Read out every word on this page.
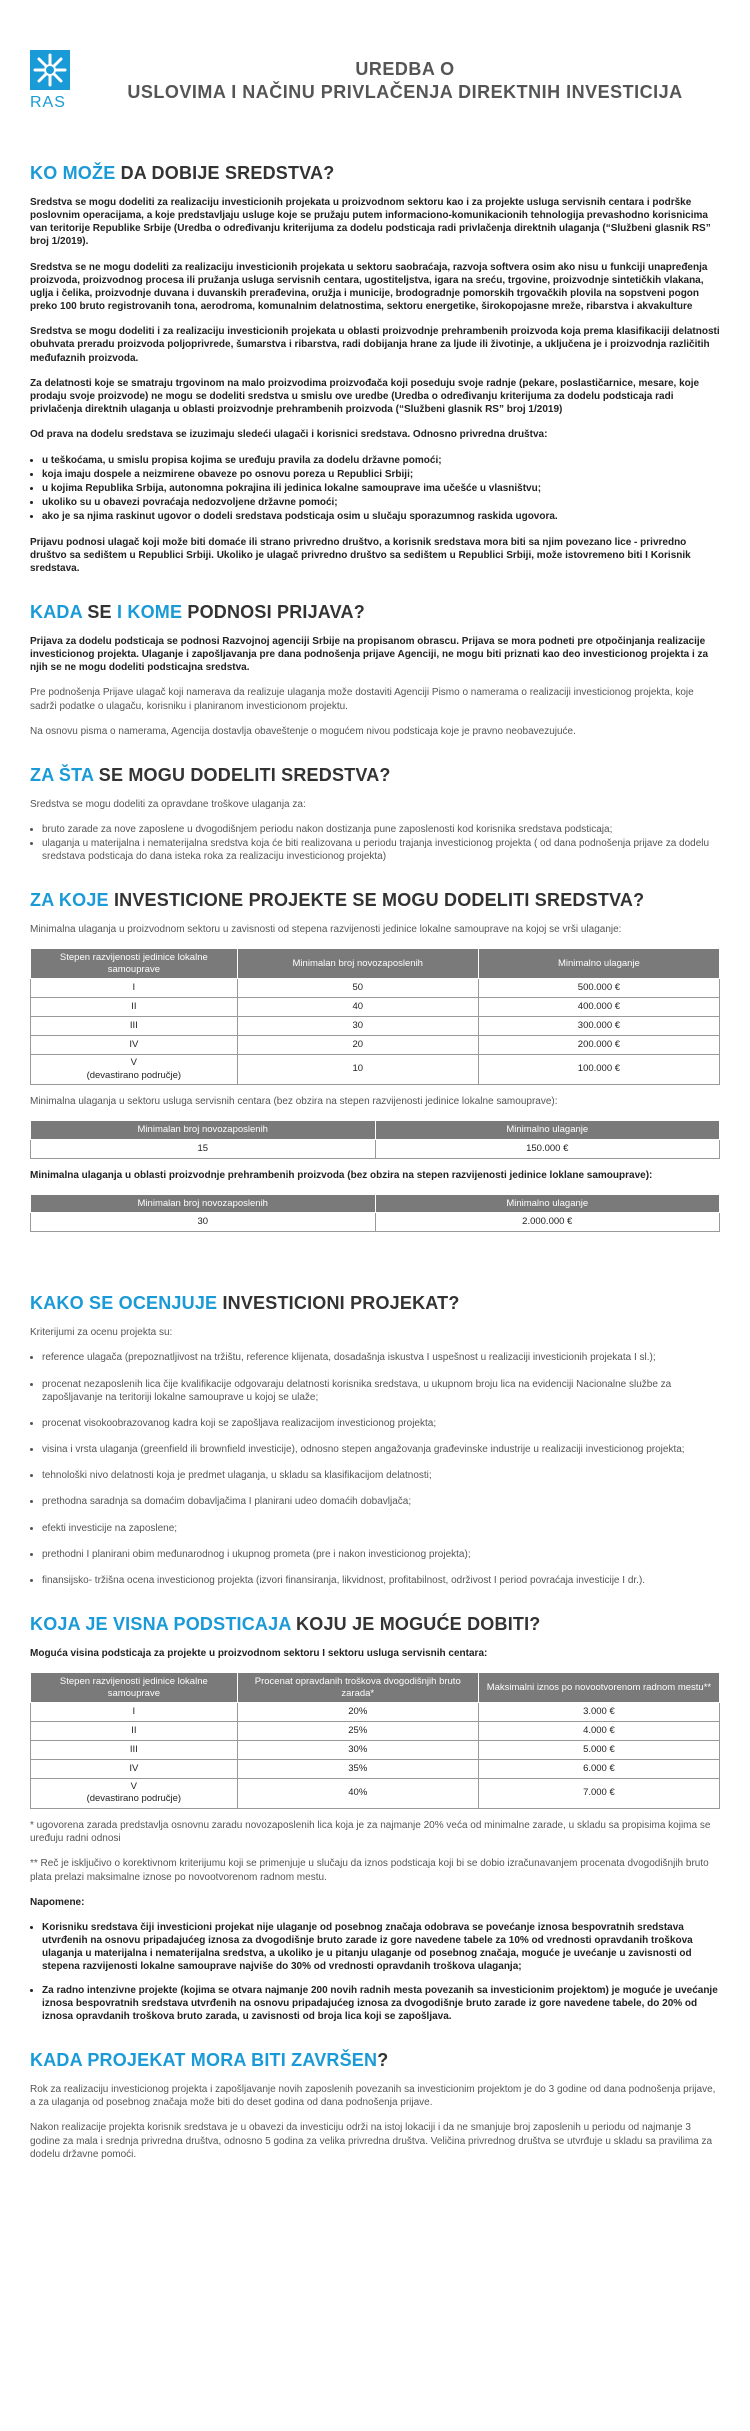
RAS
UREDBA O
USLOVIMA I NAČINU PRIVLAČENJA DIREKTNIH INVESTICIJA
KO MOŽE DA DOBIJE SREDSTVA?

Sredstva se mogu dodeliti za realizaciju investicionih projekata u proizvodnom sektoru kao i za projekte usluga servisnih centara i podrške poslovnim operacijama, a koje predstavljaju usluge koje se pružaju putem informaciono-komunikacionih tehnologija prevashodno korisnicima van teritorije Republike Srbije (Uredba o određivanju kriterijuma za dodelu podsticaja radi privlačenja direktnih ulaganja (“Službeni glasnik RS” broj 1/2019).

Sredstva se ne mogu dodeliti za realizaciju investicionih projekata u sektoru saobraćaja, razvoja softvera osim ako nisu u funkciji unapređenja proizvoda, proizvodnog procesa ili pružanja usluga servisnih centara, ugostiteljstva, igara na sreću, trgovine, proizvodnje sintetičkih vlakana, uglja i čelika, proizvodnje duvana i duvanskih prerađevina, oružja i municije, brodogradnje pomorskih trgovačkih plovila na sopstveni pogon preko 100 bruto registrovanih tona, aerodroma, komunalnim delatnostima, sektoru energetike, širokopojasne mreže, ribarstva i akvakulture

Sredstva se mogu dodeliti i za realizaciju investicionih projekata u oblasti proizvodnje prehrambenih proizvoda koja prema klasifikaciji delatnosti obuhvata preradu proizvoda poljoprivrede, šumarstva i ribarstva, radi dobijanja hrane za ljude ili životinje, a uključena je i proizvodnja različitih međufaznih proizvoda.

Za delatnosti koje se smatraju trgovinom na malo proizvodima proizvođača koji poseduju svoje radnje (pekare, poslastičarnice, mesare, koje prodaju svoje proizvode) ne mogu se dodeliti sredstva u smislu ove uredbe (Uredba o određivanju kriterijuma za dodelu podsticaja radi privlačenja direktnih ulaganja u oblasti proizvodnje prehrambenih proizvoda (“Službeni glasnik RS” broj 1/2019)

Od prava na dodelu sredstava se izuzimaju sledeći ulagači i korisnici sredstava. Odnosno privredna društva:

• u teškoćama, u smislu propisa kojima se uređuju pravila za dodelu državne pomoći;
• koja imaju dospele a neizmirene obaveze po osnovu poreza u Republici Srbiji;
• u kojima Republika Srbija, autonomna pokrajina ili jedinica lokalne samouprave ima učešće u vlasništvu;
• ukoliko su u obavezi povraćaja nedozvoljene državne pomoći;
• ako je sa njima raskinut ugovor o dodeli sredstava podsticaja osim u slučaju sporazumnog raskida ugovora.

Prijavu podnosi ulagač koji može biti domaće ili strano privredno društvo, a korisnik sredstava mora biti sa njim povezano lice - privredno društvo sa sedištem u Republici Srbiji. Ukoliko je ulagač privredno društvo sa sedištem u Republici Srbiji, može istovremeno biti I Korisnik sredstava.

KADA SE I KOME PODNOSI PRIJAVA?

Prijava za dodelu podsticaja se podnosi Razvojnoj agenciji Srbije na propisanom obrascu. Prijava se mora podneti pre otpočinjanja realizacije investicionog projekta. Ulaganje i zapošljavanja pre dana podnošenja prijave Agenciji, ne mogu biti priznati kao deo investicionog projekta i za njih se ne mogu dodeliti podsticajna sredstva.

Pre podnošenja Prijave ulagač koji namerava da realizuje ulaganja može dostaviti Agenciji Pismo o namerama o realizaciji investicionog projekta, koje sadrži podatke o ulagaču, korisniku i planiranom investicionom projektu.

Na osnovu pisma o namerama, Agencija dostavlja obaveštenje o mogućem nivou podsticaja koje je pravno neobavezujuće.

ZA ŠTA SE MOGU DODELITI SREDSTVA?

Sredstva se mogu dodeliti za opravdane troškove ulaganja za:

• bruto zarade za nove zaposlene u dvogodišnjem periodu nakon dostizanja pune zaposlenosti kod korisnika sredstava podsticaja;
• ulaganja u materijalna i nematerijalna sredstva koja će biti realizovana u periodu trajanja investicionog projekta ( od dana podnošenja prijave za dodelu sredstava podsticaja do dana isteka roka za realizaciju investicionog projekta)
ZA KOJE INVESTICIONE PROJEKTE SE MOGU DODELITI SREDSTVA?

Minimalna ulaganja u proizvodnom sektoru u zavisnosti od stepena razvijenosti jedinice lokalne samouprave na kojoj se vrši ulaganje:

Stepen razvijenosti jedinice lokalne samouprave	Minimalan broj novozaposlenih	Minimalno ulaganje
I	50	500.000 €
II	40	400.000 €
III	30	300.000 €
IV	20	200.000 €
V
(devastirano područje)	10	100.000 €

Minimalna ulaganja u sektoru usluga servisnih centara (bez obzira na stepen razvijenosti jedinice lokalne samouprave):

Minimalan broj novozaposlenih	Minimalno ulaganje
15	150.000 €

Minimalna ulaganja u oblasti proizvodnje prehrambenih proizvoda (bez obzira na stepen razvijenosti jedinice loklane samouprave):

Minimalan broj novozaposlenih	Minimalno ulaganje
30	2.000.000 €
KAKO SE OCENJUJE INVESTICIONI PROJEKAT?

Kriterijumi za ocenu projekta su:

• reference ulagača (prepoznatljivost na tržištu, reference klijenata, dosadašnja iskustva I uspešnost u realizaciji investicionih projekata I sl.);
• procenat nezaposlenih lica čije kvalifikacije odgovaraju delatnosti korisnika sredstava, u ukupnom broju lica na evidenciji Nacionalne službe za zapošljavanje na teritoriji lokalne samouprave u kojoj se ulaže;
• procenat visokoobrazovanog kadra koji se zapošljava realizacijom investicionog projekta;
• visina i vrsta ulaganja (greenfield ili brownfield investicije), odnosno stepen angažovanja građevinske industrije u realizaciji investicionog projekta;
• tehnološki nivo delatnosti koja je predmet ulaganja, u skladu sa klasifikacijom delatnosti;
• prethodna saradnja sa domaćim dobavljačima I planirani udeo domaćih dobavljača;
• efekti investicije na zaposlene;
• prethodni I planirani obim međunarodnog i ukupnog prometa (pre i nakon investicionog projekta);
• finansijsko- tržišna ocena investicionog projekta (izvori finansiranja, likvidnost, profitabilnost, održivost I period povraćaja investicije I dr.).
KOJA JE VISNA PODSTICAJA KOJU JE MOGUĆE DOBITI?

Moguća visina podsticaja za projekte u proizvodnom sektoru I sektoru usluga servisnih centara:

Stepen razvijenosti jedinice lokalne samouprave	Procenat opravdanih troškova dvogodišnjih bruto zarada*	Maksimalni iznos po novootvorenom radnom mestu**
I	20%	3.000 €
II	25%	4.000 €
III	30%	5.000 €
IV	35%	6.000 €
V
(devastirano područje)	40%	7.000 €

* ugovorena zarada predstavlja osnovnu zaradu novozaposlenih lica koja je za najmanje 20% veća od minimalne zarade, u skladu sa propisima kojima se uređuju radni odnosi

** Reč je isključivo o korektivnom kriterijumu koji se primenjuje u slučaju da iznos podsticaja koji bi se dobio izračunavanjem procenata dvogodišnjih bruto plata prelazi maksimalne iznose po novootvorenom radnom mestu.

Napomene:

• Korisniku sredstava čiji investicioni projekat nije ulaganje od posebnog značaja odobrava se povećanje iznosa bespovratnih sredstava utvrđenih na osnovu pripadajućeg iznosa za dvogodišnje bruto zarade iz gore navedene tabele za 10% od vrednosti opravdanih troškova ulaganja u materijalna i nematerijalna sredstva, a ukoliko je u pitanju ulaganje od posebnog značaja, moguće je uvećanje u zavisnosti od stepena razvijenosti lokalne samouprave najviše do 30% od vrednosti opravdanih troškova ulaganja;
• Za radno intenzivne projekte (kojima se otvara najmanje 200 novih radnih mesta povezanih sa investicionim projektom) je moguće je uvećanje iznosa bespovratnih sredstava utvrđenih na osnovu pripadajućeg iznosa za dvogodišnje bruto zarade iz gore navedene tabele, do 20% od iznosa opravdanih troškova bruto zarada, u zavisnosti od broja lica koji se zapošljava.
KADA PROJEKAT MORA BITI ZAVRŠEN?

Rok za realizaciju investicionog projekta i zapošljavanje novih zaposlenih povezanih sa investicionim projektom je do 3 godine od dana podnošenja prijave, a za ulaganja od posebnog značaja može biti do deset godina od dana podnošenja prijave.

Nakon realizacije projekta korisnik sredstava je u obavezi da investiciju održi na istoj lokaciji i da ne smanjuje broj zaposlenih u periodu od najmanje 3 godine za mala i srednja privredna društva, odnosno 5 godina za velika privredna društva. Veličina privrednog društva se utvrđuje u skladu sa pravilima za dodelu državne pomoći.
